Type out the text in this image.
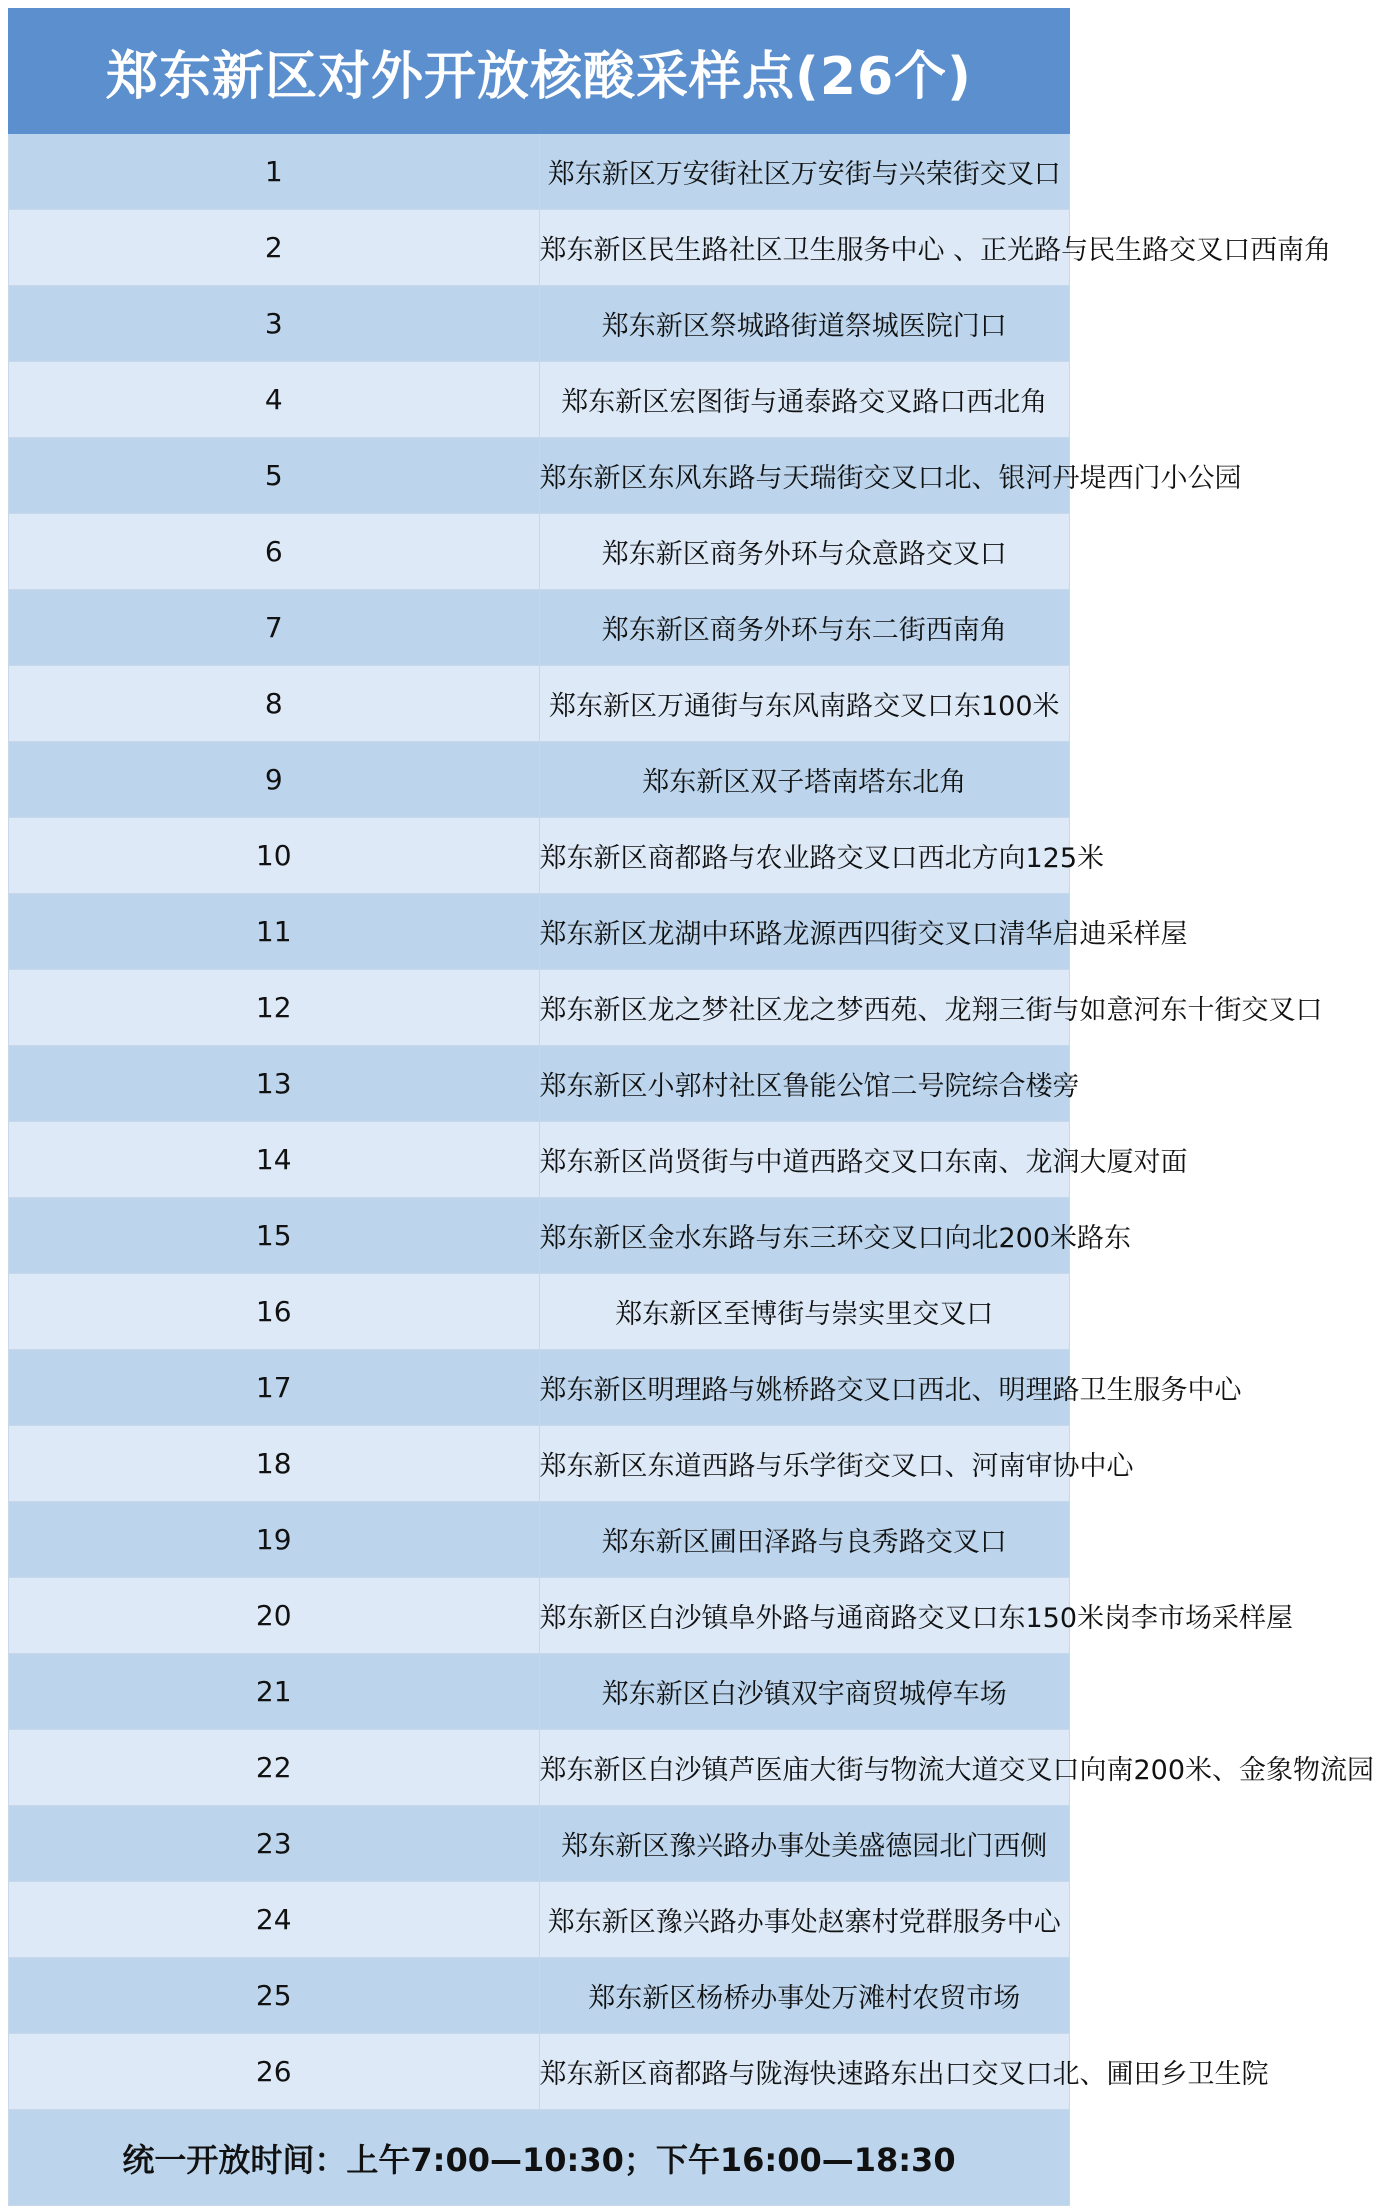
郑东新区对外开放核酸采样点(26个)	
1	郑东新区万安街社区万安街与兴荣街交叉口
2	郑东新区民生路社区卫生服务中心 、正光路与民生路交叉口西南角
3	郑东新区祭城路街道祭城医院门口
4	郑东新区宏图街与通泰路交叉路口西北角
5	郑东新区东风东路与天瑞街交叉口北、银河丹堤西门小公园
6	郑东新区商务外环与众意路交叉口
7	郑东新区商务外环与东二街西南角
8	郑东新区万通街与东风南路交叉口东100米
9	郑东新区双子塔南塔东北角
10	郑东新区商都路与农业路交叉口西北方向125米
11	郑东新区龙湖中环路龙源西四街交叉口清华启迪采样屋
12	郑东新区龙之梦社区龙之梦西苑、龙翔三街与如意河东十街交叉口
13	郑东新区小郭村社区鲁能公馆二号院综合楼旁
14	郑东新区尚贤街与中道西路交叉口东南、龙润大厦对面
15	郑东新区金水东路与东三环交叉口向北200米路东
16	郑东新区至博街与崇实里交叉口
17	郑东新区明理路与姚桥路交叉口西北、明理路卫生服务中心
18	郑东新区东道西路与乐学街交叉口、河南审协中心
19	郑东新区圃田泽路与良秀路交叉口
20	郑东新区白沙镇阜外路与通商路交叉口东150米岗李市场采样屋
21	郑东新区白沙镇双宇商贸城停车场
22	郑东新区白沙镇芦医庙大街与物流大道交叉口向南200米、金象物流园
23	郑东新区豫兴路办事处美盛德园北门西侧
24	郑东新区豫兴路办事处赵寨村党群服务中心
25	郑东新区杨桥办事处万滩村农贸市场
26	郑东新区商都路与陇海快速路东出口交叉口北、圃田乡卫生院
统一开放时间：上午7:00—10:30；下午16:00—18:30	
